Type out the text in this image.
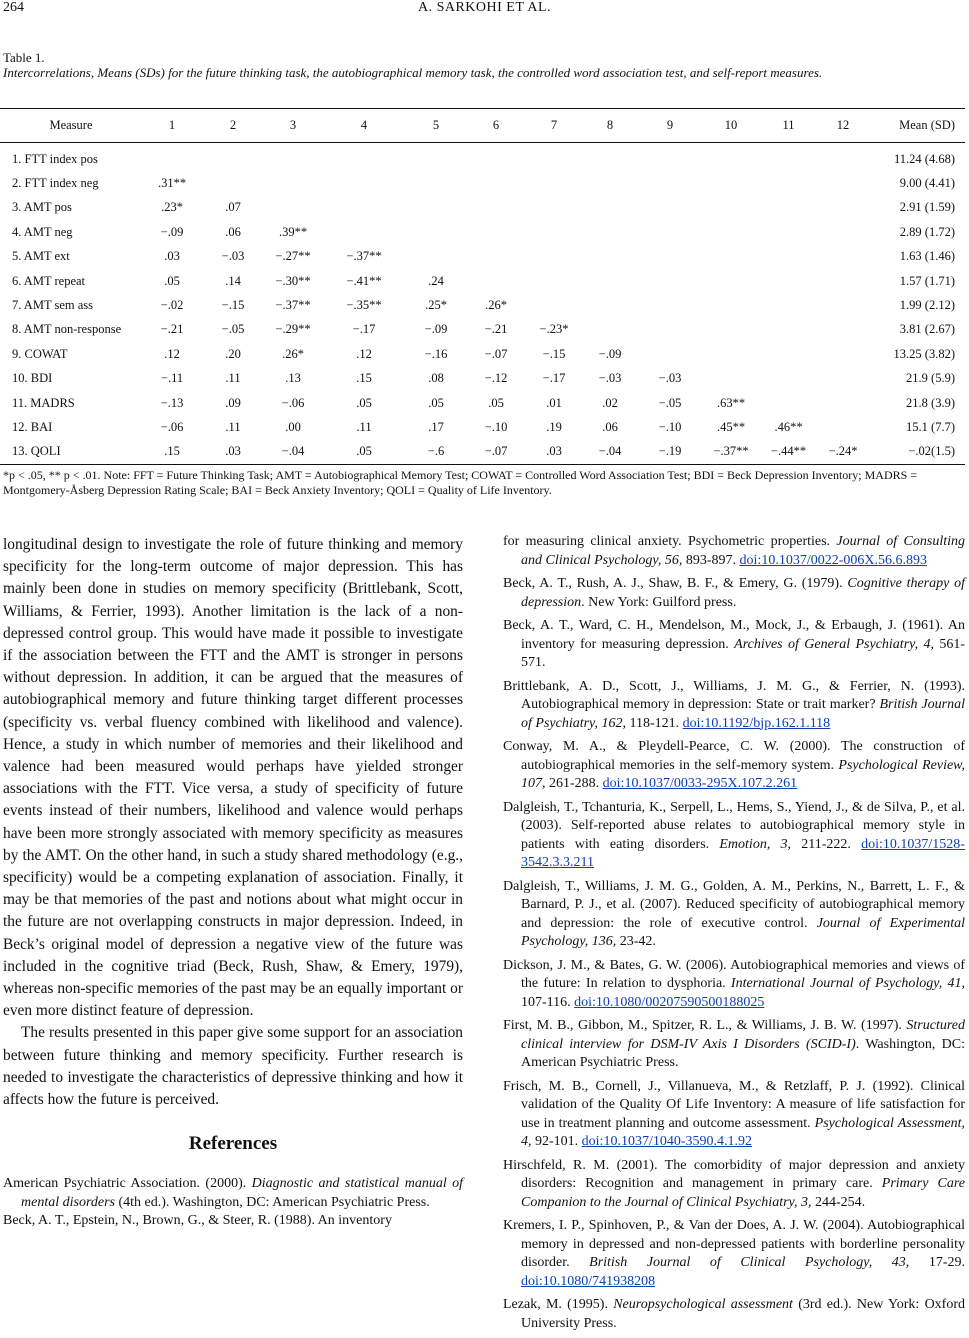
264	A. SARKOHI ET AL.
Table 1.
Intercorrelations, Means (SDs) for the future thinking task, the autobiographical memory task, the controlled word association test, and self-report measures.
Measure	1	2	3	4	5	6	7	8	9	10	11	12	Mean (SD)
1. FTT index pos													11.24 (4.68)
2. FTT index neg	.31**												9.00 (4.41)
3. AMT pos	.23*	.07											2.91 (1.59)
4. AMT neg	−.09	.06	.39**										2.89 (1.72)
5. AMT ext	.03	−.03	−.27**	−.37**									1.63 (1.46)
6. AMT repeat	.05	.14	−.30**	−.41**	.24								1.57 (1.71)
7. AMT sem ass	−.02	−.15	−.37**	−.35**	.25*	.26*							1.99 (2.12)
8. AMT non-response	−.21	−.05	−.29**	−.17	−.09	−.21	−.23*						3.81 (2.67)
9. COWAT	.12	.20	.26*	.12	−.16	−.07	−.15	−.09					13.25 (3.82)
10. BDI	−.11	.11	.13	.15	.08	−.12	−.17	−.03	−.03				21.9 (5.9)
11. MADRS	−.13	.09	−.06	.05	.05	.05	.01	.02	−.05	.63**			21.8 (3.9)
12. BAI	−.06	.11	.00	.11	.17	−.10	.19	.06	−.10	.45**	.46**		15.1 (7.7)
13. QOLI	.15	.03	−.04	.05	−.6	−.07	.03	−.04	−.19	−.37**	−.44**	−.24*	−.02(1.5)
*p < .05, ** p < .01. Note: FFT = Future Thinking Task; AMT = Autobiographical Memory Test; COWAT = Controlled Word Association Test; BDI = Beck Depression Inventory; MADRS = Montgomery-Åsberg Depression Rating Scale; BAI = Beck Anxiety Inventory; QOLI = Quality of Life Inventory.

longitudinal design to investigate the role of future thinking and memory specificity for the long-term outcome of major depression. This has mainly been done in studies on memory specificity (Brittlebank, Scott, Williams, & Ferrier, 1993). Another limitation is the lack of a non-depressed control group. This would have made it possible to investigate if the association between the FTT and the AMT is stronger in persons without depression. In addition, it can be argued that the measures of autobiographical memory and future thinking target different processes (specificity vs. verbal fluency combined with likelihood and valence). Hence, a study in which number of memories and their likelihood and valence had been measured would perhaps have yielded stronger associations with the FTT. Vice versa, a study of specificity of future events instead of their numbers, likelihood and valence would perhaps have been more strongly associated with memory specificity as measures by the AMT. On the other hand, in such a study shared methodology (e.g., specificity) would be a competing explanation of association. Finally, it may be that memories of the past and notions about what might occur in the future are not overlapping constructs in major depression. Indeed, in Beck’s original model of depression a negative view of the future was included in the cognitive triad (Beck, Rush, Shaw, & Emery, 1979), whereas non-specific memories of the past may be an equally important or even more distinct feature of depression.

The results presented in this paper give some support for an association between future thinking and memory specificity. Further research is needed to investigate the characteristics of depressive thinking and how it affects how the future is perceived.

References

American Psychiatric Association. (2000). Diagnostic and statistical manual of mental disorders (4th ed.). Washington, DC: American Psychiatric Press.

Beck, A. T., Epstein, N., Brown, G., & Steer, R. (1988). An inventory

for measuring clinical anxiety. Psychometric properties. Journal of Consulting and Clinical Psychology, 56, 893-897. doi:10.1037/0022-006X.56.6.893

Beck, A. T., Rush, A. J., Shaw, B. F., & Emery, G. (1979). Cognitive therapy of depression. New York: Guilford press.

Beck, A. T., Ward, C. H., Mendelson, M., Mock, J., & Erbaugh, J. (1961). An inventory for measuring depression. Archives of General Psychiatry, 4, 561-571.

Brittlebank, A. D., Scott, J., Williams, J. M. G., & Ferrier, N. (1993). Autobiographical memory in depression: State or trait marker? British Journal of Psychiatry, 162, 118-121. doi:10.1192/bjp.162.1.118

Conway, M. A., & Pleydell-Pearce, C. W. (2000). The construction of autobiographical memories in the self-memory system. Psychological Review, 107, 261-288. doi:10.1037/0033-295X.107.2.261

Dalgleish, T., Tchanturia, K., Serpell, L., Hems, S., Yiend, J., & de Silva, P., et al. (2003). Self-reported abuse relates to autobiographical memory style in patients with eating disorders. Emotion, 3, 211-222. doi:10.1037/1528-3542.3.3.211

Dalgleish, T., Williams, J. M. G., Golden, A. M., Perkins, N., Barrett, L. F., & Barnard, P. J., et al. (2007). Reduced specificity of autobiographical memory and depression: the role of executive control. Journal of Experimental Psychology, 136, 23-42.

Dickson, J. M., & Bates, G. W. (2006). Autobiographical memories and views of the future: In relation to dysphoria. International Journal of Psychology, 41, 107-116. doi:10.1080/00207590500188025

First, M. B., Gibbon, M., Spitzer, R. L., & Williams, J. B. W. (1997). Structured clinical interview for DSM-IV Axis I Disorders (SCID-I). Washington, DC: American Psychiatric Press.

Frisch, M. B., Cornell, J., Villanueva, M., & Retzlaff, P. J. (1992). Clinical validation of the Quality Of Life Inventory: A measure of life satisfaction for use in treatment planning and outcome assessment. Psychological Assessment, 4, 92-101. doi:10.1037/1040-3590.4.1.92

Hirschfeld, R. M. (2001). The comorbidity of major depression and anxiety disorders: Recognition and management in primary care. Primary Care Companion to the Journal of Clinical Psychiatry, 3, 244-254.

Kremers, I. P., Spinhoven, P., & Van der Does, A. J. W. (2004). Autobiographical memory in depressed and non-depressed patients with borderline personality disorder. British Journal of Clinical Psychology, 43, 17-29. doi:10.1080/741938208

Lezak, M. (1995). Neuropsychological assessment (3rd ed.). New York: Oxford University Press.
